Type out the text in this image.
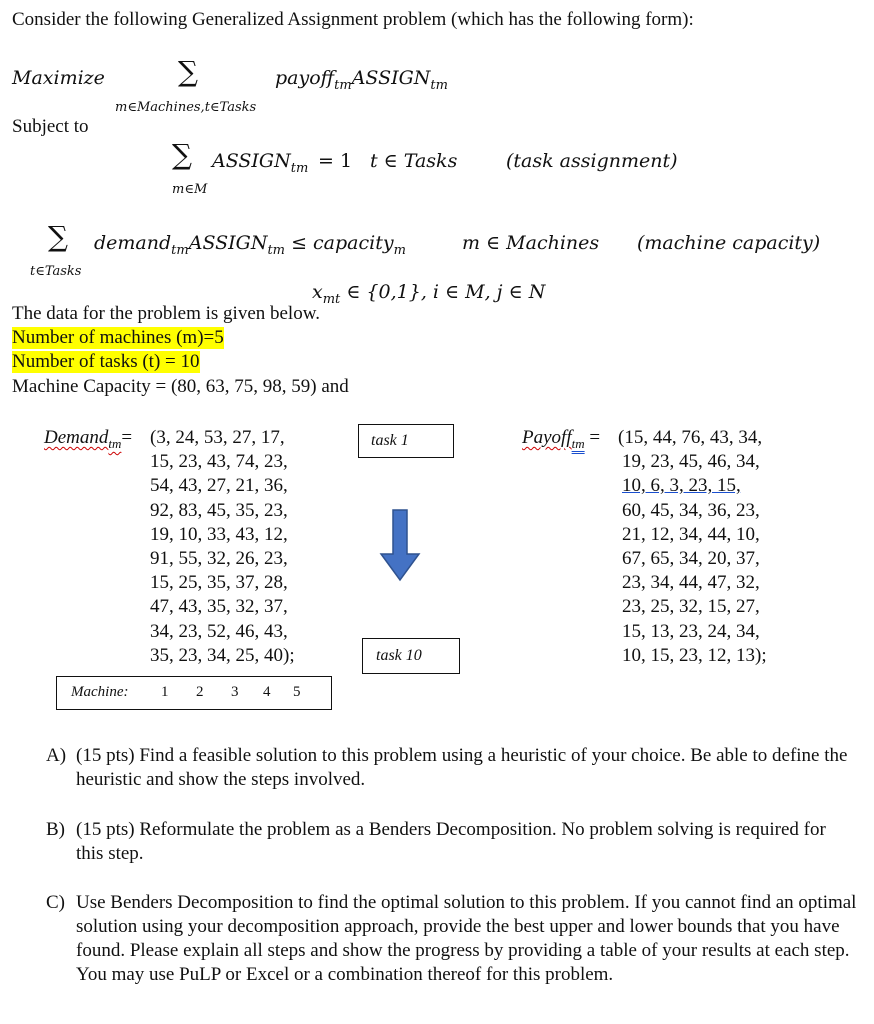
Consider the following Generalized Assignment problem (which has the following form):
Maximize	∑	$payoff_{tm}ASSIGN_{tm}$
m∈Machines,t∈Tasks
Subject to
∑ $ASSIGN_{tm} = 1$ t ∈ Tasks	(task assignment)
m∈M
∑ $demand_{tm}ASSIGN_{tm}$ ≤ capacity$_m$	m ∈ Machines (machine capacity)
t∈Tasks
$x_{mt}$ ∈ {0,1}, i ∈ M, j ∈ N
The data for the problem is given below.
Number of machines (m)=5
Number of tasks (t) = 10
Machine Capacity = (80, 63, 75, 98, 59) and
Demand$_{tm}$= (3, 24, 53, 27, 17,
15, 23, 43, 74, 23,
54, 43, 27, 21, 36,
92, 83, 45, 35, 23,
19, 10, 33, 43, 12,
91, 55, 32, 26, 23,
15, 25, 35, 37, 28,
47, 43, 35, 32, 37,
34, 23, 52, 46, 43,
35, 23, 34, 25, 40);
task 1
task 10
Machine: 1 2 3 4 5
Payoff$_{tm}$ = (15, 44, 76, 43, 34,
19, 23, 45, 46, 34,
10, 6, 3, 23, 15,
60, 45, 34, 36, 23,
21, 12, 34, 44, 10,
67, 65, 34, 20, 37,
23, 34, 44, 47, 32,
23, 25, 32, 15, 27,
15, 13, 23, 24, 34,
10, 15, 23, 12, 13);
A) (15 pts) Find a feasible solution to this problem using a heuristic of your choice. Be able to define the heuristic and show the steps involved.
B) (15 pts) Reformulate the problem as a Benders Decomposition. No problem solving is required for this step.
C) Use Benders Decomposition to find the optimal solution to this problem. If you cannot find an optimal solution using your decomposition approach, provide the best upper and lower bounds that you have found. Please explain all steps and show the progress by providing a table of your results at each step. You may use PuLP or Excel or a combination thereof for this problem.
